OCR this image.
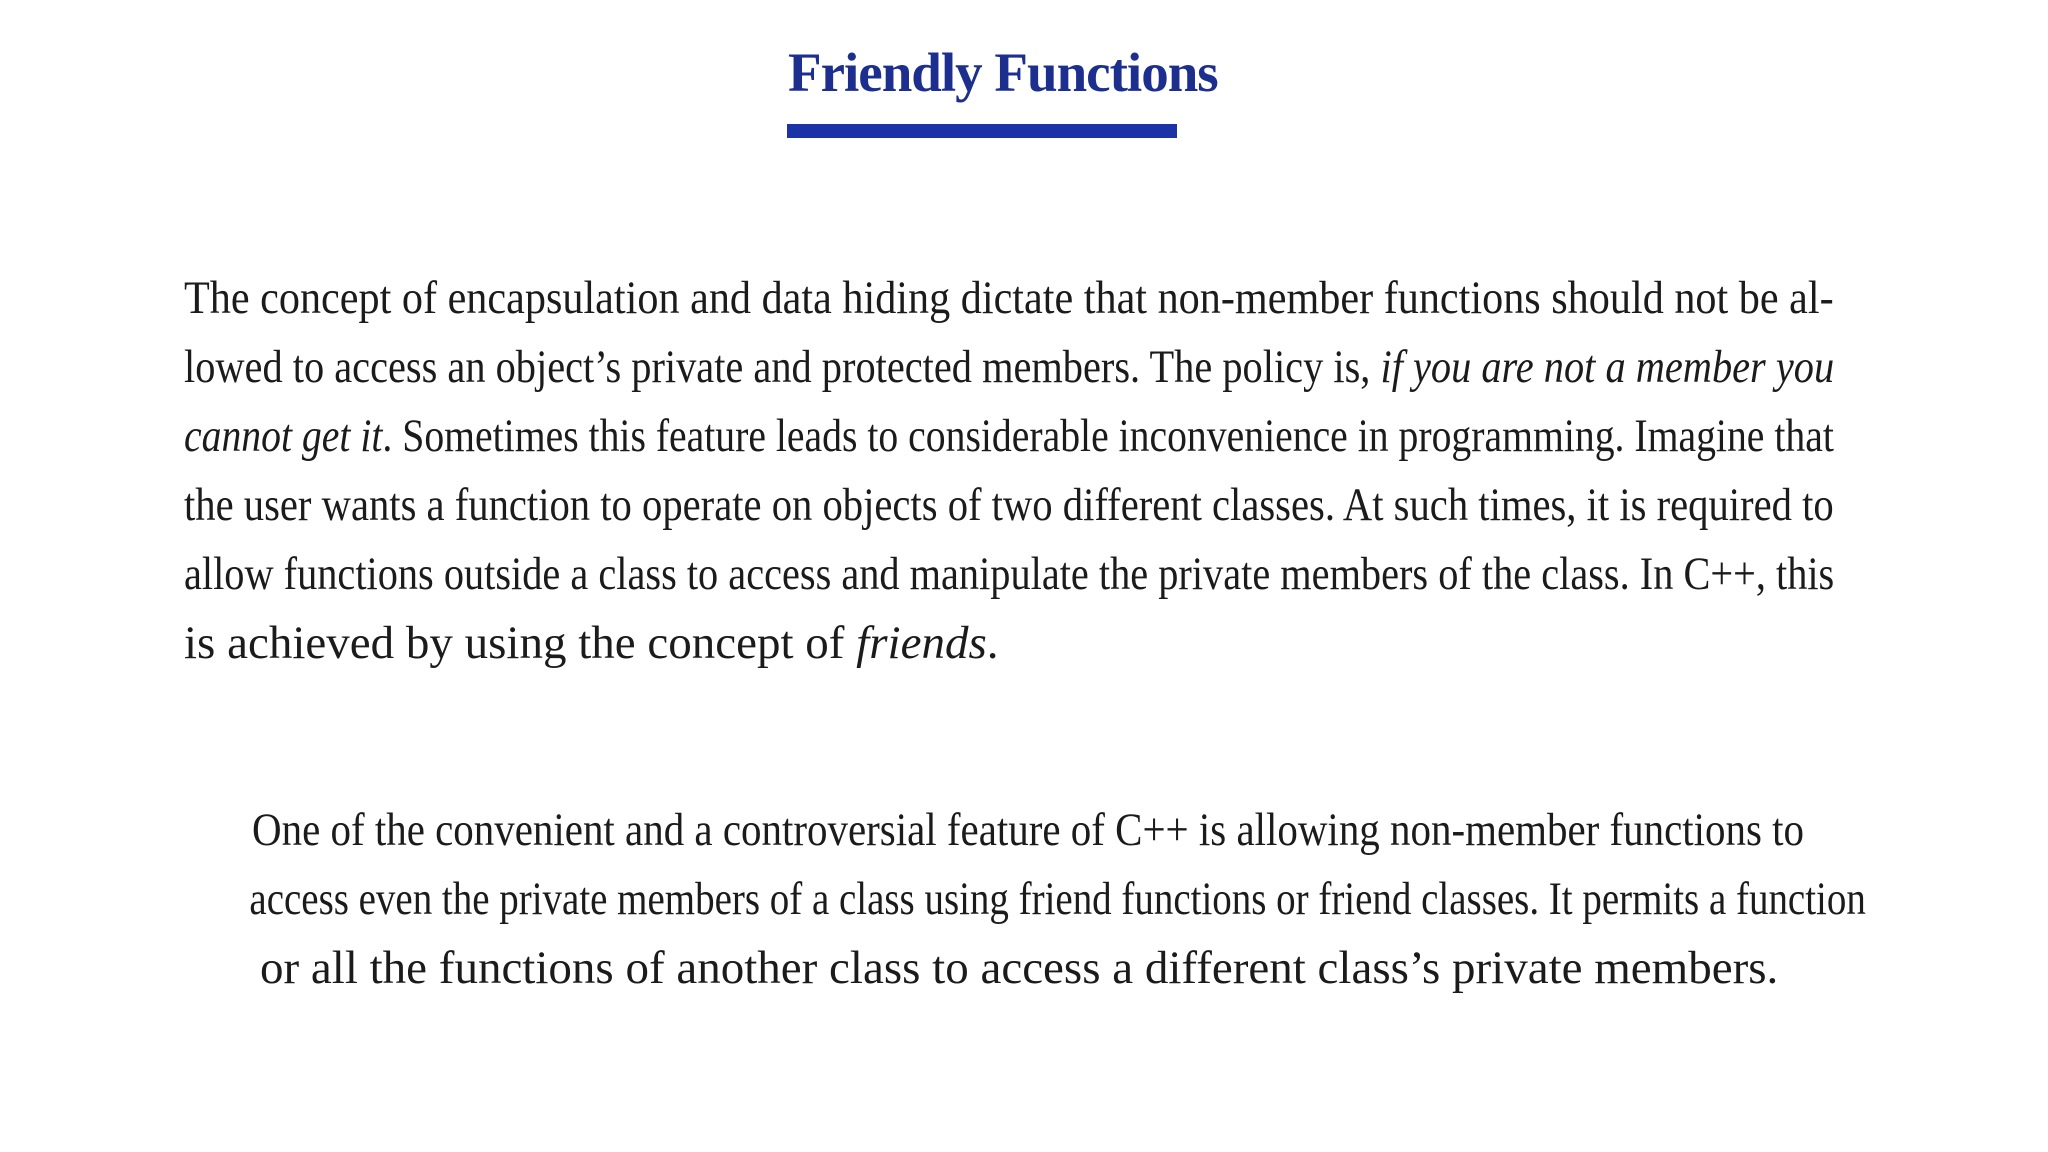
Friendly Functions
The concept of encapsulation and data hiding dictate that non-member functions should not be al-
lowed to access an object’s private and protected members. The policy is, if you are not a member you
cannot get it. Sometimes this feature leads to considerable inconvenience in programming. Imagine that
the user wants a function to operate on objects of two different classes. At such times, it is required to
allow functions outside a class to access and manipulate the private members of the class. In C++, this
is achieved by using the concept of friends.
One of the convenient and a controversial feature of C++ is allowing non-member functions to
access even the private members of a class using friend functions or friend classes. It permits a function
or all the functions of another class to access a different class’s private members.
